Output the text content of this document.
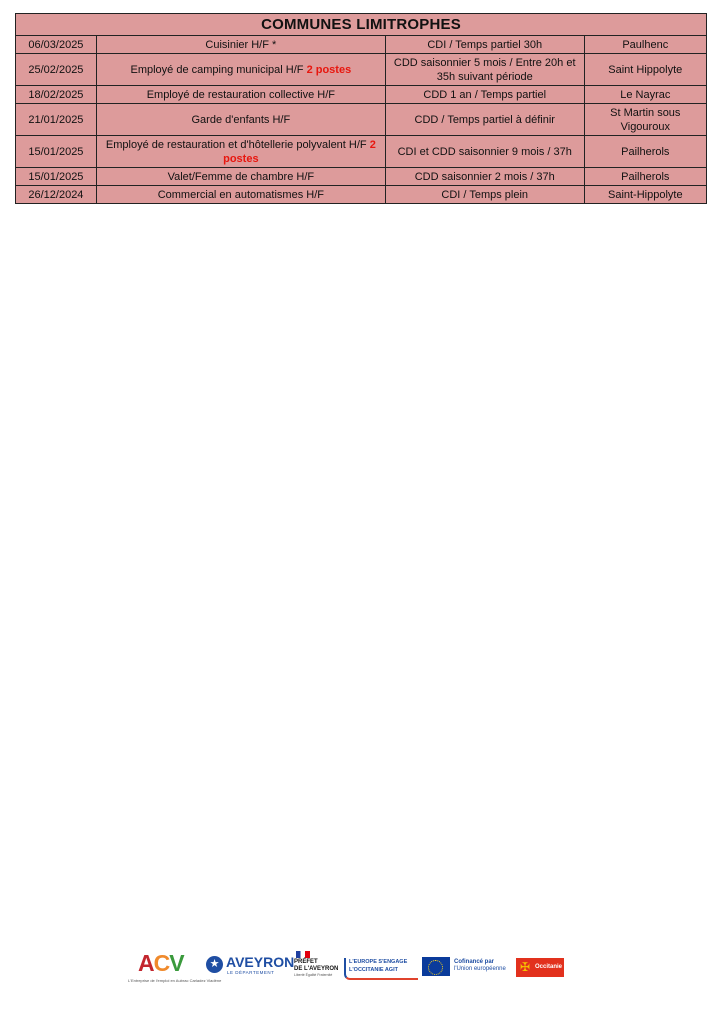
COMMUNES LIMITROPHES			
06/03/2025	Cuisinier H/F *	CDI / Temps partiel 30h	Paulhenc
25/02/2025	Employé de camping municipal H/F 2 postes	CDD saisonnier 5 mois / Entre 20h et 35h suivant période	Saint Hippolyte
18/02/2025	Employé de restauration collective H/F	CDD 1 an / Temps partiel	Le Nayrac
21/01/2025	Garde d'enfants H/F	CDD / Temps partiel à définir	St Martin sous Vigouroux
15/01/2025	Employé de restauration et d'hôtellerie polyvalent H/F 2 postes	CDI et CDD saisonnier 9 mois / 37h	Pailherols
15/01/2025	Valet/Femme de chambre H/F	CDD saisonnier 2 mois / 37h	Pailherols
26/12/2024	Commercial en automatismes H/F	CDI / Temps plein	Saint-Hippolyte
ACV
L'Entreprise de l'emploi en Aubrac Carladez Viadène
★ AVEYRON
LE DÉPARTEMENT
PRÉFET
DE L'AVEYRON
Liberté Égalité Fraternité
L'EUROPE S'ENGAGE
L'OCCITANIE AGIT
Cofinancé par
l'Union européenne ✠ Occitanie
